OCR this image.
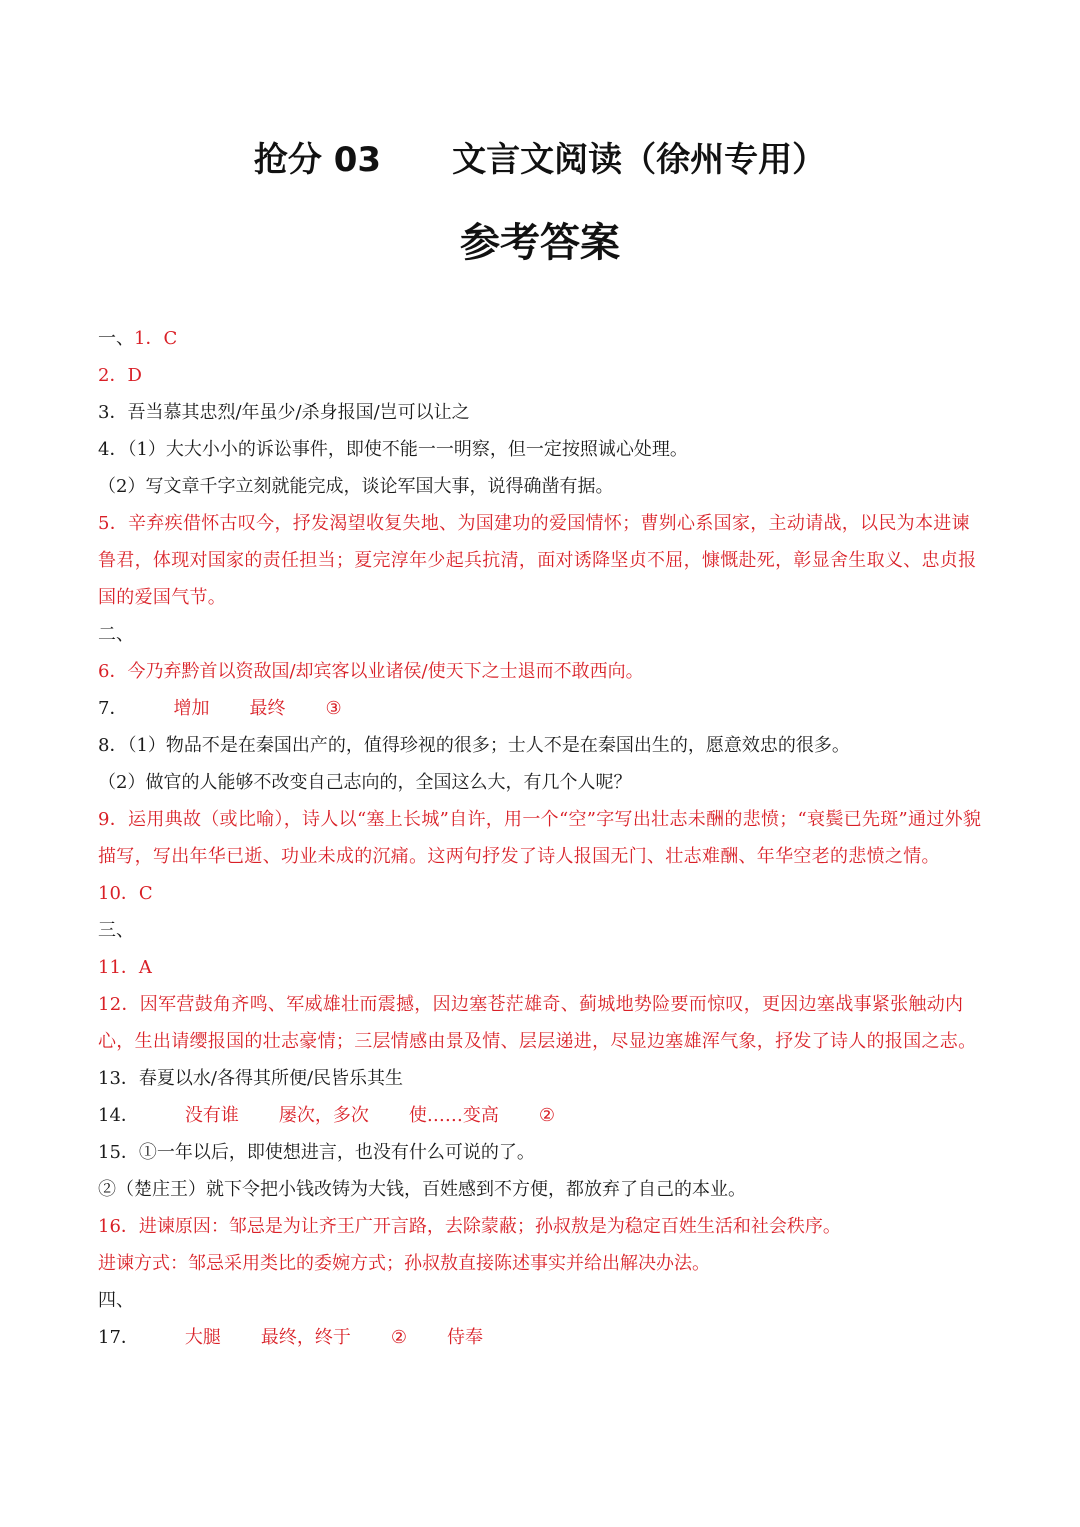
抢分 03      文言文阅读（徐州专用）
参考答案
一、1．C
2．D
3．吾当慕其忠烈/年虽少/杀身报国/岂可以让之
4．（1）大大小小的诉讼事件，即使不能一一明察，但一定按照诚心处理。
（2）写文章千字立刻就能完成，谈论军国大事，说得确凿有据。
5．辛弃疾借怀古叹今，抒发渴望收复失地、为国建功的爱国情怀；曹刿心系国家，主动请战，以民为本进谏鲁君，体现对国家的责任担当；夏完淳年少起兵抗清，面对诱降坚贞不屈，慷慨赴死，彰显舍生取义、忠贞报国的爱国气节。
二、
6．今乃弃黔首以资敌国/却宾客以业诸侯/使天下之士退而不敢西向。
7．	增加 最终 ③
8．（1）物品不是在秦国出产的，值得珍视的很多；士人不是在秦国出生的，愿意效忠的很多。
（2）做官的人能够不改变自己志向的，全国这么大，有几个人呢？
9．运用典故（或比喻），诗人以“塞上长城”自许，用一个“空”字写出壮志未酬的悲愤；“衰鬓已先斑”通过外貌描写，写出年华已逝、功业未成的沉痛。这两句抒发了诗人报国无门、壮志难酬、年华空老的悲愤之情。
10．C
三、
11．A
12．因军营鼓角齐鸣、军威雄壮而震撼，因边塞苍茫雄奇、蓟城地势险要而惊叹，更因边塞战事紧张触动内心，生出请缨报国的壮志豪情；三层情感由景及情、层层递进，尽显边塞雄浑气象，抒发了诗人的报国之志。
13．春夏以水/各得其所便/民皆乐其生
14．	没有谁 屡次，多次 使……变高 ②
15．①一年以后，即使想进言，也没有什么可说的了。
②（楚庄王）就下令把小钱改铸为大钱，百姓感到不方便，都放弃了自己的本业。
16．进谏原因：邹忌是为让齐王广开言路，去除蒙蔽；孙叔敖是为稳定百姓生活和社会秩序。
进谏方式：邹忌采用类比的委婉方式；孙叔敖直接陈述事实并给出解决办法。
四、
17．	大腿 最终，终于 ② 侍奉
